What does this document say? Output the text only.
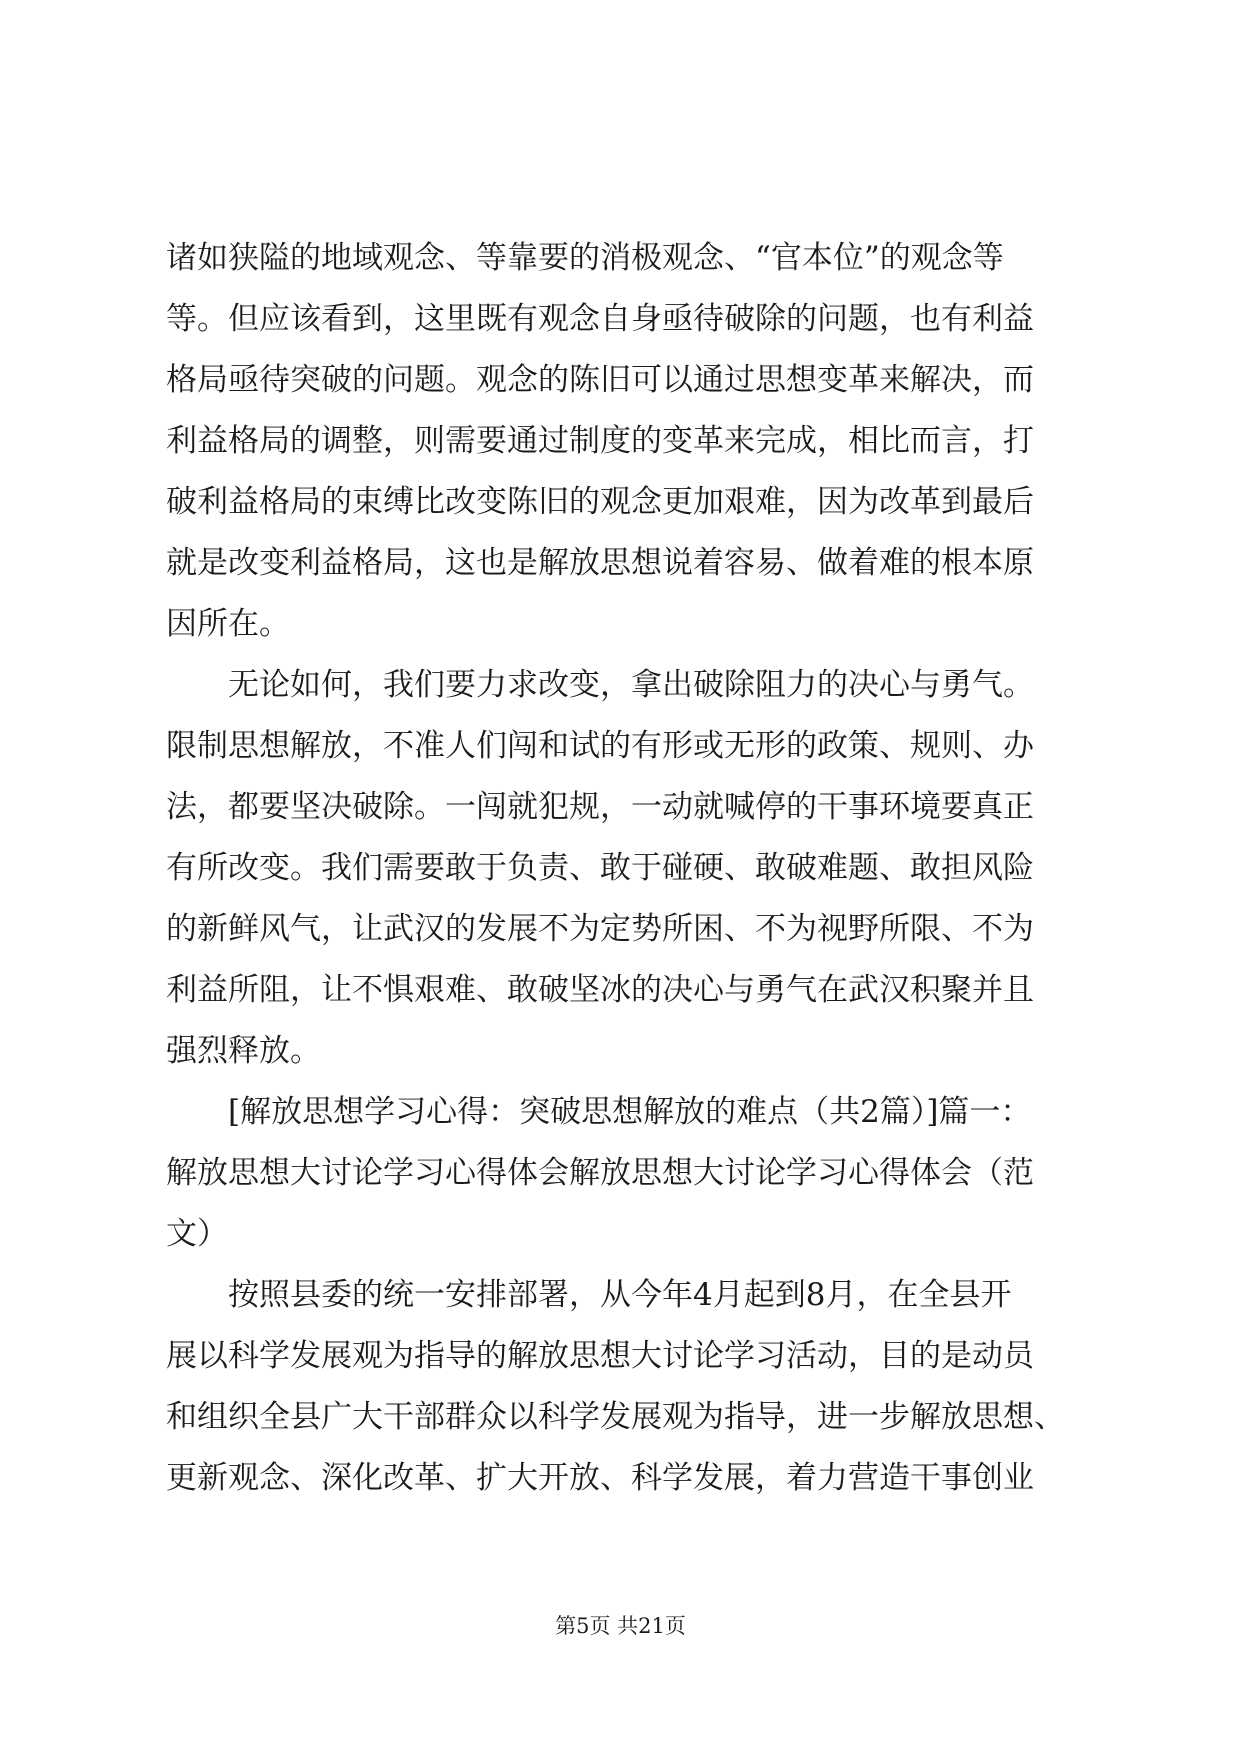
诸如狭隘的地域观念、等靠要的消极观念、“官本位”的观念等
等。但应该看到，这里既有观念自身亟待破除的问题，也有利益
格局亟待突破的问题。观念的陈旧可以通过思想变革来解决，而
利益格局的调整，则需要通过制度的变革来完成，相比而言，打
破利益格局的束缚比改变陈旧的观念更加艰难，因为改革到最后
就是改变利益格局，这也是解放思想说着容易、做着难的根本原
因所在。
　　无论如何，我们要力求改变，拿出破除阻力的决心与勇气。
限制思想解放，不准人们闯和试的有形或无形的政策、规则、办
法，都要坚决破除。一闯就犯规，一动就喊停的干事环境要真正
有所改变。我们需要敢于负责、敢于碰硬、敢破难题、敢担风险
的新鲜风气，让武汉的发展不为定势所困、不为视野所限、不为
利益所阻，让不惧艰难、敢破坚冰的决心与勇气在武汉积聚并且
强烈释放。
　　[解放思想学习心得：突破思想解放的难点（共2篇）]篇一：
解放思想大讨论学习心得体会解放思想大讨论学习心得体会（范
文）
　　按照县委的统一安排部署，从今年4月起到8月，在全县开
展以科学发展观为指导的解放思想大讨论学习活动，目的是动员
和组织全县广大干部群众以科学发展观为指导，进一步解放思想、
更新观念、深化改革、扩大开放、科学发展，着力营造干事创业
第5页 共21页
